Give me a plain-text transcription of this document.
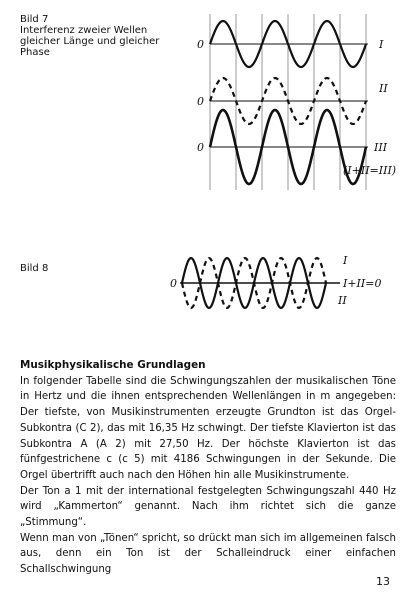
Bild 7
Interferenz zweier Wellen
gleicher Länge und gleicher
Phase
0
0
0
I
II
III
(I+II=III)
Bild 8
0
I
II
I+II=0
Musikphysikalische Grundlagen

In folgender Tabelle sind die Schwingungszahlen der musikalischen Töne in Hertz und die ihnen entsprechenden Wellenlängen in m angegeben: Der tiefste, von Musikinstrumenten erzeugte Grundton ist das Orgel-Subkontra (C 2), das mit 16,35 Hz schwingt. Der tiefste Klavierton ist das Subkontra A (A 2) mit 27,50 Hz. Der höchste Klavierton ist das fünfgestrichene c (c 5) mit 4186 Schwingungen in der Sekunde. Die Orgel übertrifft auch nach den Höhen hin alle Musikinstrumente.

Der Ton a 1 mit der international festgelegten Schwingungszahl 440 Hz wird „Kammerton“ genannt. Nach ihm richtet sich die ganze „Stimmung“.

Wenn man von „Tönen“ spricht, so drückt man sich im allgemeinen falsch aus, denn ein Ton ist der Schalleindruck einer einfachen Schallschwingung

13
